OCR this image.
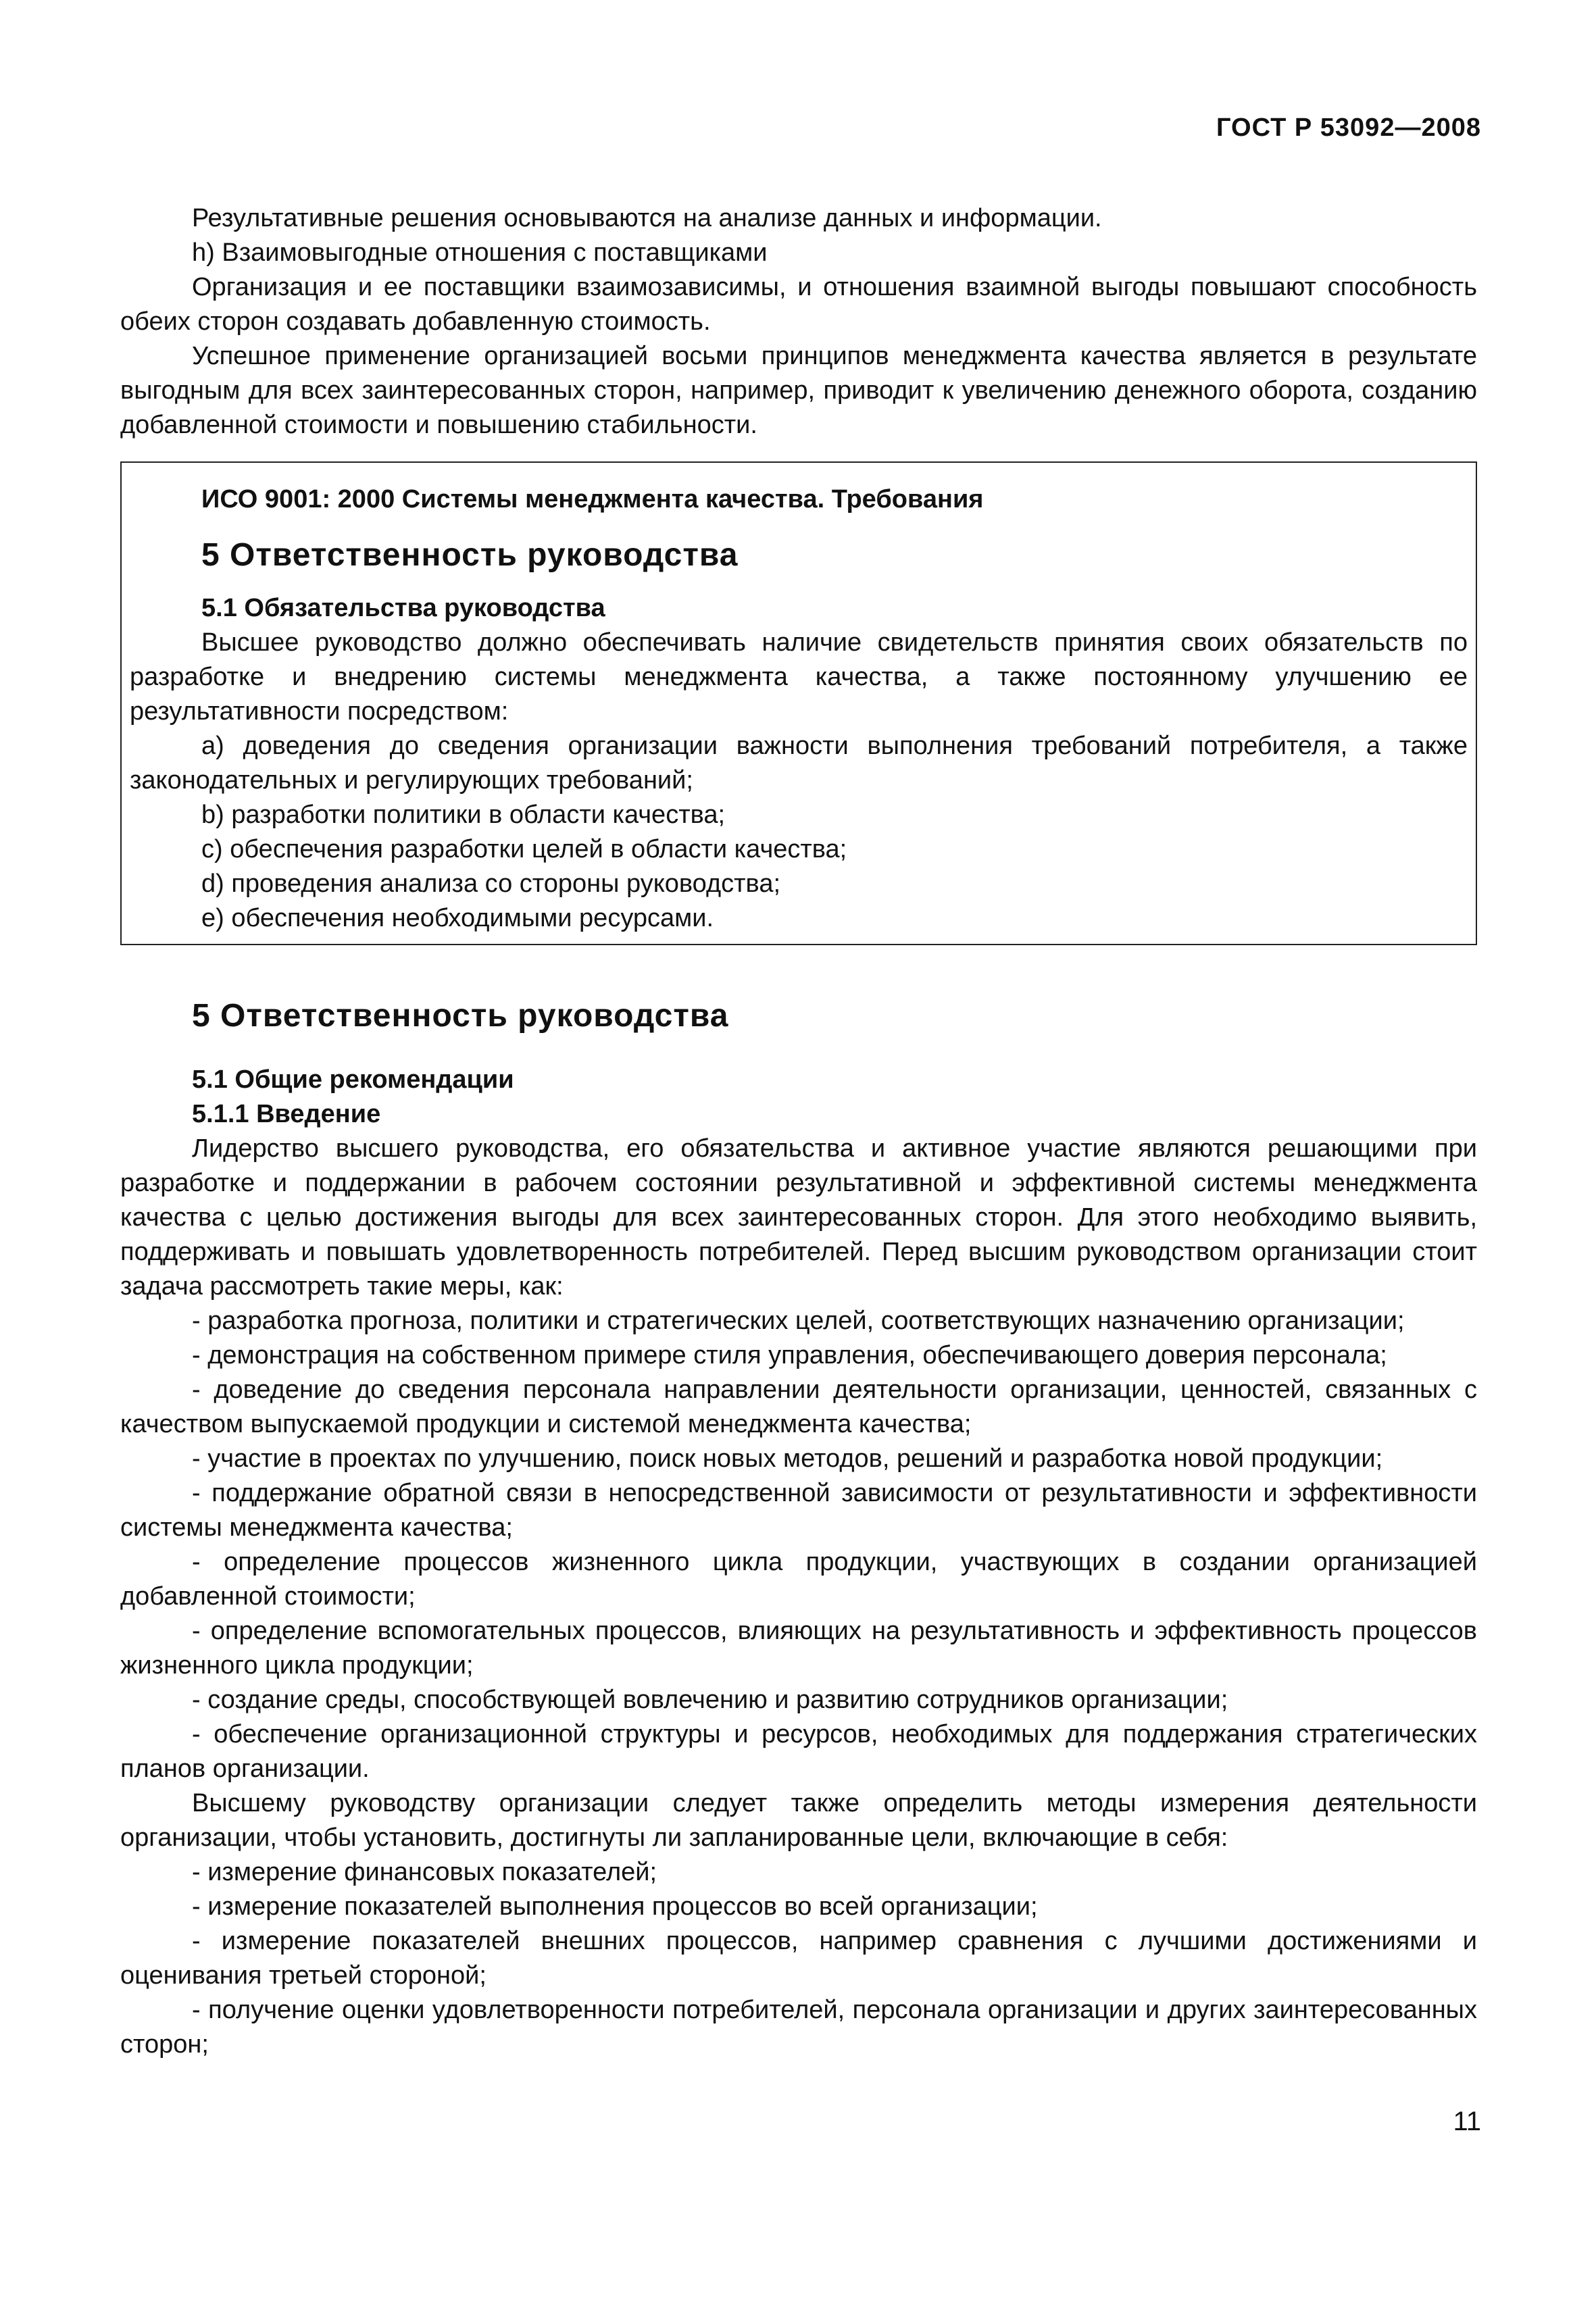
ГОСТ Р 53092—2008

Результативные решения основываются на анализе данных и информации.

h) Взаимовыгодные отношения с поставщиками

Организация и ее поставщики взаимозависимы, и отношения взаимной выгоды повышают способность обеих сторон создавать добавленную стоимость.

Успешное применение организацией восьми принципов менеджмента качества является в результате выгодным для всех заинтересованных сторон, например, приводит к увеличению денежного оборота, созданию добавленной стоимости и повышению стабильности.

ИСО 9001: 2000 Системы менеджмента качества. Требования
5 Ответственность руководства
5.1 Обязательства руководства

Высшее руководство должно обеспечивать наличие свидетельств принятия своих обязательств по разработке и внедрению системы менеджмента качества, а также постоянному улучшению ее результативности посредством:

a) доведения до сведения организации важности выполнения требований потребителя, а также законодательных и регулирующих требований;

b) разработки политики в области качества;

c) обеспечения разработки целей в области качества;

d) проведения анализа со стороны руководства;

e) обеспечения необходимыми ресурсами.

5 Ответственность руководства
5.1 Общие рекомендации
5.1.1 Введение

Лидерство высшего руководства, его обязательства и активное участие являются решающими при разработке и поддержании в рабочем состоянии результативной и эффективной системы менеджмента качества с целью достижения выгоды для всех заинтересованных сторон. Для этого необходимо выявить, поддерживать и повышать удовлетворенность потребителей. Перед высшим руководством организации стоит задача рассмотреть такие меры, как:

- разработка прогноза, политики и стратегических целей, соответствующих назначению организации;

- демонстрация на собственном примере стиля управления, обеспечивающего доверия персонала;

- доведение до сведения персонала направлении деятельности организации, ценностей, связанных с качеством выпускаемой продукции и системой менеджмента качества;

- участие в проектах по улучшению, поиск новых методов, решений и разработка новой продукции;

- поддержание обратной связи в непосредственной зависимости от результативности и эффективности системы менеджмента качества;

- определение процессов жизненного цикла продукции, участвующих в создании организацией добавленной стоимости;

- определение вспомогательных процессов, влияющих на результативность и эффективность процессов жизненного цикла продукции;

- создание среды, способствующей вовлечению и развитию сотрудников организации;

- обеспечение организационной структуры и ресурсов, необходимых для поддержания стратегических планов организации.

Высшему руководству организации следует также определить методы измерения деятельности организации, чтобы установить, достигнуты ли запланированные цели, включающие в себя:

- измерение финансовых показателей;

- измерение показателей выполнения процессов во всей организации;

- измерение показателей внешних процессов, например сравнения с лучшими достижениями и оценивания третьей стороной;

- получение оценки удовлетворенности потребителей, персонала организации и других заинтересованных сторон;

11
